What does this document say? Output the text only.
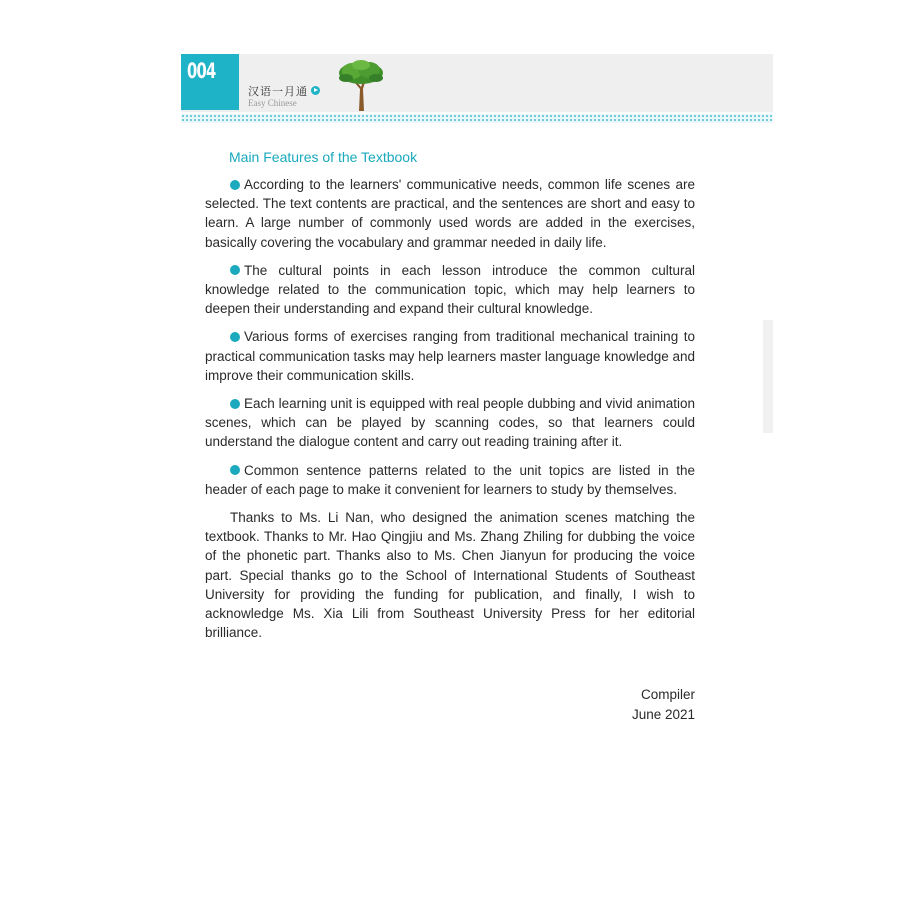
004
汉语一月通
Easy Chinese
Main Features of the Textbook

According to the learners' communicative needs, common life scenes are selected. The text contents are practical, and the sentences are short and easy to learn. A large number of commonly used words are added in the exercises, basically covering the vocabulary and grammar needed in daily life.

The cultural points in each lesson introduce the common cultural knowledge related to the communication topic, which may help learners to deepen their understanding and expand their cultural knowledge.

Various forms of exercises ranging from traditional mechanical training to practical communication tasks may help learners master language knowledge and improve their communication skills.

Each learning unit is equipped with real people dubbing and vivid animation scenes, which can be played by scanning codes, so that learners could understand the dialogue content and carry out reading training after it.

Common sentence patterns related to the unit topics are listed in the header of each page to make it convenient for learners to study by themselves.

Thanks to Ms. Li Nan, who designed the animation scenes matching the textbook. Thanks to Mr. Hao Qingjiu and Ms. Zhang Zhiling for dubbing the voice of the phonetic part. Thanks also to Ms. Chen Jianyun for producing the voice part. Special thanks go to the School of International Students of Southeast University for providing the funding for publication, and finally, I wish to acknowledge Ms. Xia Lili from Southeast University Press for her editorial brilliance.

Compiler
June 2021
